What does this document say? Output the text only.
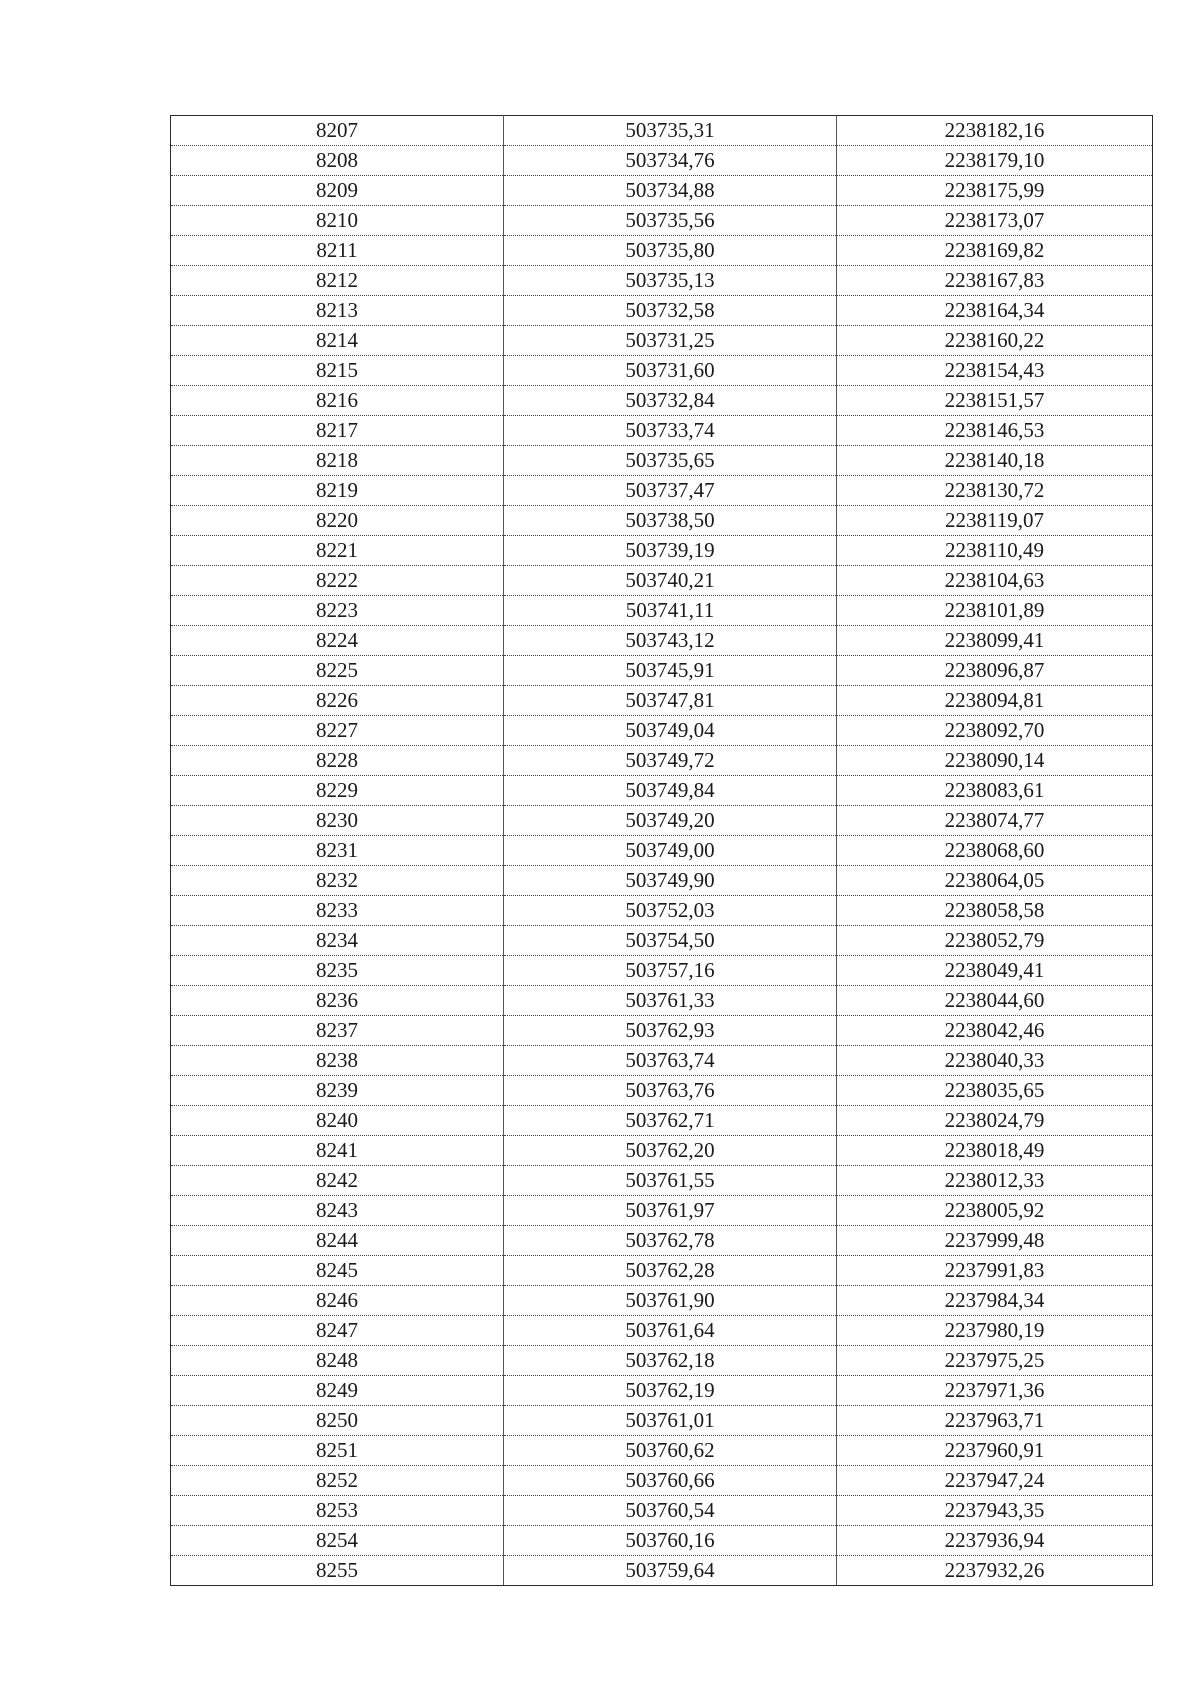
8207	503735,31	2238182,16
8208	503734,76	2238179,10
8209	503734,88	2238175,99
8210	503735,56	2238173,07
8211	503735,80	2238169,82
8212	503735,13	2238167,83
8213	503732,58	2238164,34
8214	503731,25	2238160,22
8215	503731,60	2238154,43
8216	503732,84	2238151,57
8217	503733,74	2238146,53
8218	503735,65	2238140,18
8219	503737,47	2238130,72
8220	503738,50	2238119,07
8221	503739,19	2238110,49
8222	503740,21	2238104,63
8223	503741,11	2238101,89
8224	503743,12	2238099,41
8225	503745,91	2238096,87
8226	503747,81	2238094,81
8227	503749,04	2238092,70
8228	503749,72	2238090,14
8229	503749,84	2238083,61
8230	503749,20	2238074,77
8231	503749,00	2238068,60
8232	503749,90	2238064,05
8233	503752,03	2238058,58
8234	503754,50	2238052,79
8235	503757,16	2238049,41
8236	503761,33	2238044,60
8237	503762,93	2238042,46
8238	503763,74	2238040,33
8239	503763,76	2238035,65
8240	503762,71	2238024,79
8241	503762,20	2238018,49
8242	503761,55	2238012,33
8243	503761,97	2238005,92
8244	503762,78	2237999,48
8245	503762,28	2237991,83
8246	503761,90	2237984,34
8247	503761,64	2237980,19
8248	503762,18	2237975,25
8249	503762,19	2237971,36
8250	503761,01	2237963,71
8251	503760,62	2237960,91
8252	503760,66	2237947,24
8253	503760,54	2237943,35
8254	503760,16	2237936,94
8255	503759,64	2237932,26
